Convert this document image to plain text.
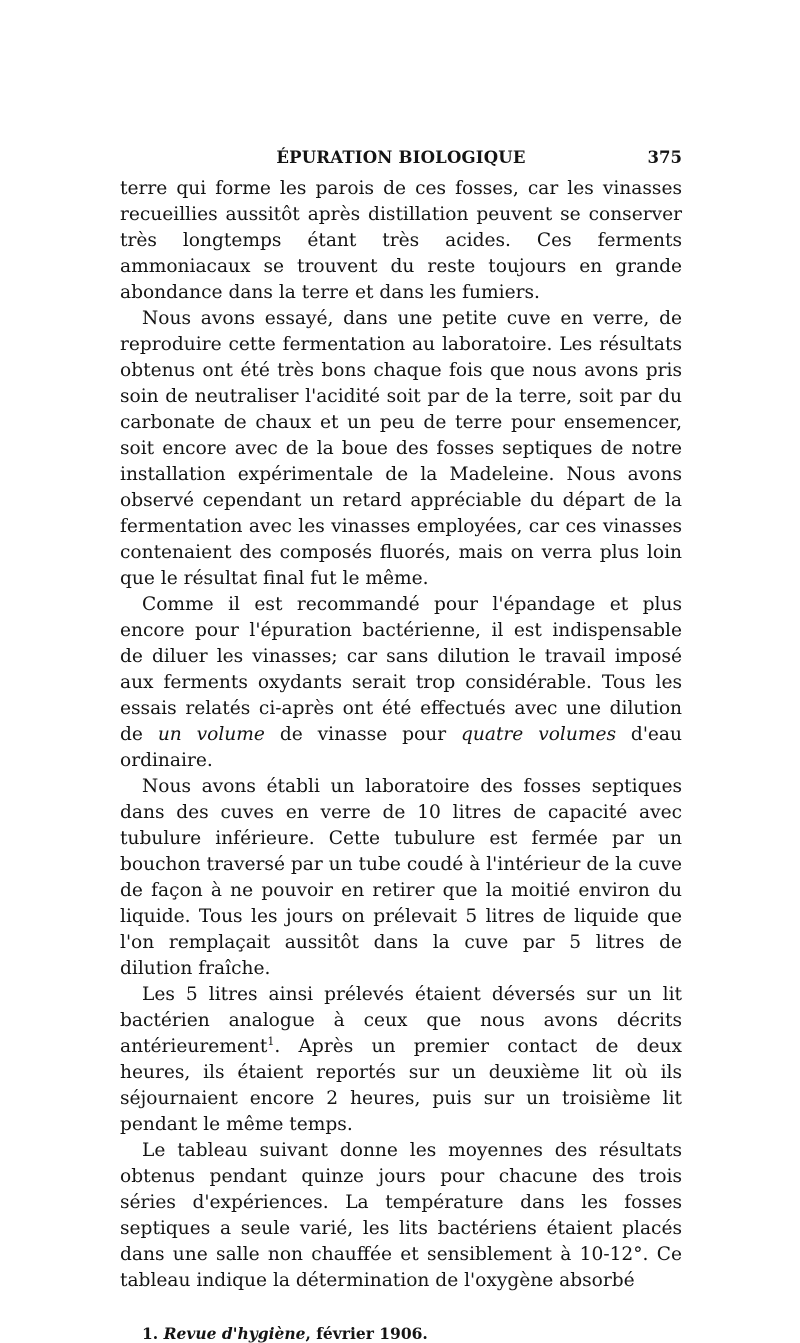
ÉPURATION BIOLOGIQUE	375

terre qui forme les parois de ces fosses, car les vinasses recueillies aussitôt après distillation peuvent se conserver très longtemps étant très acides. Ces ferments ammoniacaux se trouvent du reste toujours en grande abondance dans la terre et dans les fumiers.

Nous avons essayé, dans une petite cuve en verre, de reproduire cette fermentation au laboratoire. Les résultats obtenus ont été très bons chaque fois que nous avons pris soin de neutraliser l'acidité soit par de la terre, soit par du carbonate de chaux et un peu de terre pour ensemencer, soit encore avec de la boue des fosses septiques de notre installation expérimentale de la Madeleine. Nous avons observé cependant un retard appréciable du départ de la fermentation avec les vinasses employées, car ces vinasses contenaient des composés fluorés, mais on verra plus loin que le résultat final fut le même.

Comme il est recommandé pour l'épandage et plus encore pour l'épuration bactérienne, il est indispensable de diluer les vinasses; car sans dilution le travail imposé aux ferments oxydants serait trop considérable. Tous les essais relatés ci-après ont été effectués avec une dilution de un volume de vinasse pour quatre volumes d'eau ordinaire.

Nous avons établi un laboratoire des fosses septiques dans des cuves en verre de 10 litres de capacité avec tubulure inférieure. Cette tubulure est fermée par un bouchon traversé par un tube coudé à l'intérieur de la cuve de façon à ne pouvoir en retirer que la moitié environ du liquide. Tous les jours on prélevait 5 litres de liquide que l'on remplaçait aussitôt dans la cuve par 5 litres de dilution fraîche.

Les 5 litres ainsi prélevés étaient déversés sur un lit bactérien analogue à ceux que nous avons décrits antérieurement$^1$. Après un premier contact de deux heures, ils étaient reportés sur un deuxième lit où ils séjournaient encore 2 heures, puis sur un troisième lit pendant le même temps.

Le tableau suivant donne les moyennes des résultats obtenus pendant quinze jours pour chacune des trois séries d'expériences. La température dans les fosses septiques a seule varié, les lits bactériens étaient placés dans une salle non chauffée et sensiblement à 10-12°. Ce tableau indique la détermination de l'oxygène absorbé

1. Revue d'hygiène, février 1906.
